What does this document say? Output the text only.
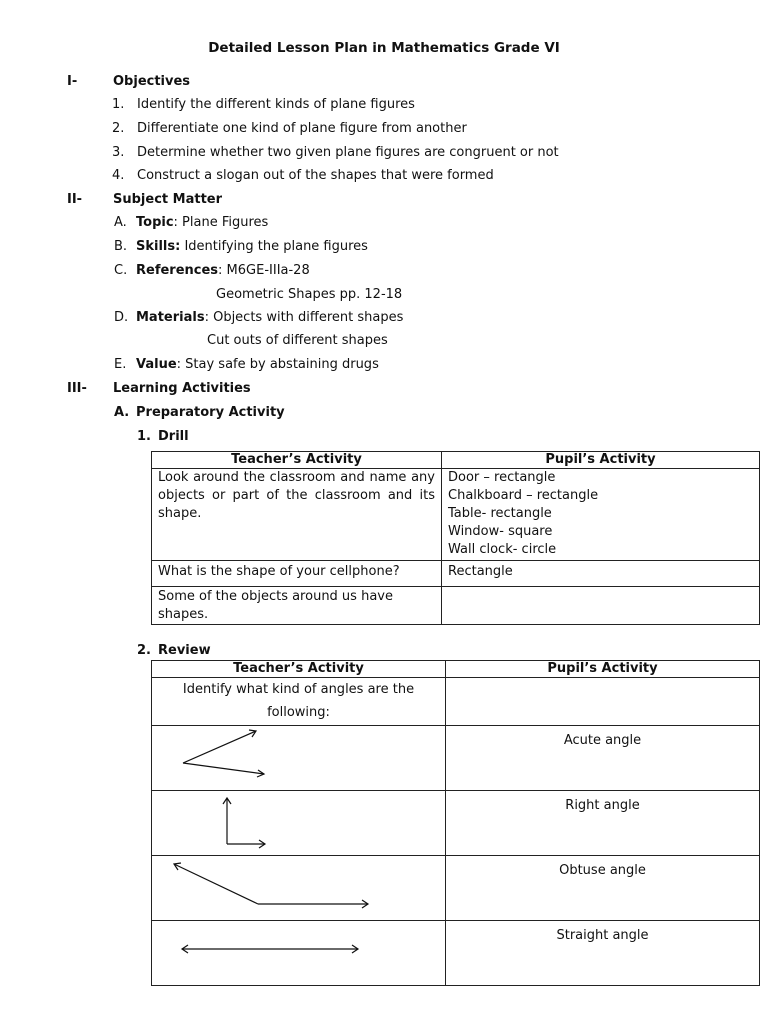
Detailed Lesson Plan in Mathematics Grade VI
I-	Objectives
1. Identify the different kinds of plane figures
2. Differentiate one kind of plane figure from another
3. Determine whether two given plane figures are congruent or not
4. Construct a slogan out of the shapes that were formed
II- Subject Matter
A. Topic: Plane Figures
B. Skills: Identifying the plane figures
C. References: M6GE-IIIa-28
Geometric Shapes pp. 12-18
D. Materials: Objects with different shapes
Cut outs of different shapes
E. Value: Stay safe by abstaining drugs
III- Learning Activities
A. Preparatory Activity
1. Drill
Teacher’s Activity	Pupil’s Activity
Look around the classroom and name any objects or part of the classroom and its shape.	Door – rectangle
Chalkboard – rectangle
Table- rectangle
Window- square
Wall clock- circle

What is the shape of your cellphone?	Rectangle
Some of the objects around us have shapes.	
2. Review
Teacher’s Activity	Pupil’s Activity
Identify what kind of angles are the following:	

	Acute angle

	Right angle

	Obtuse angle

	Straight angle
